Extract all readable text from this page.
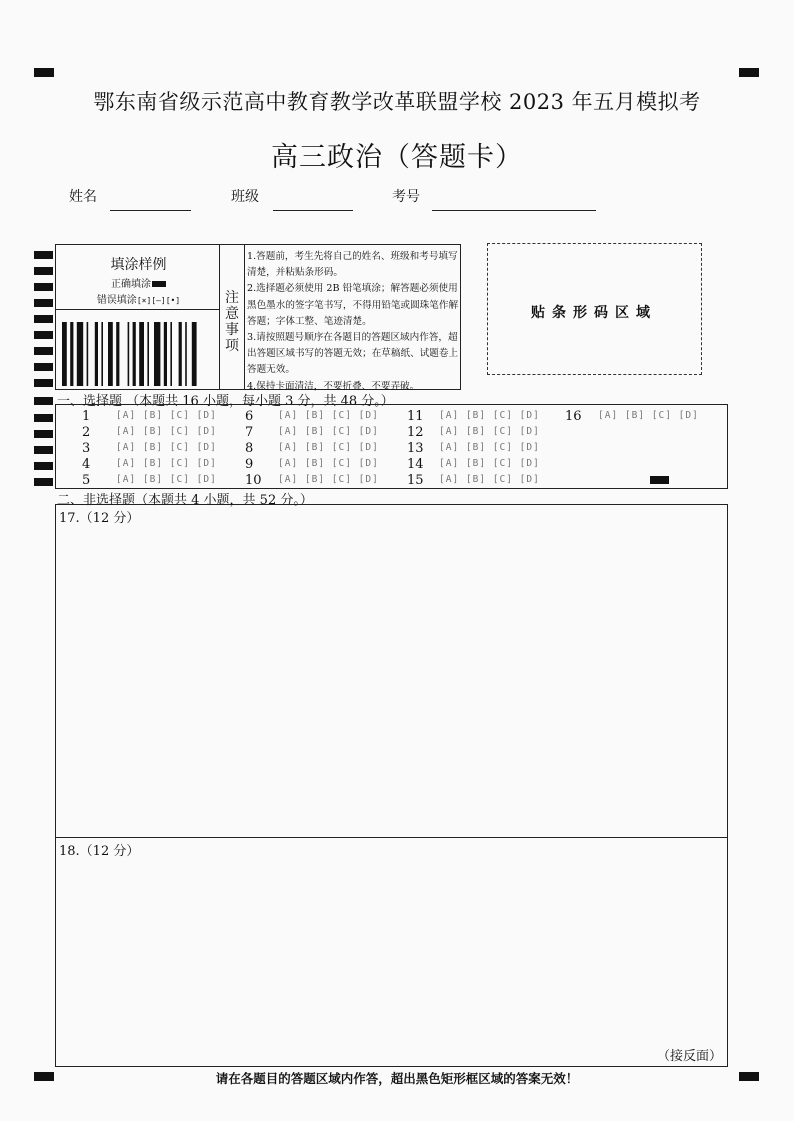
鄂东南省级示范高中教育教学改革联盟学校 2023 年五月模拟考
高三政治（答题卡）
姓名	班级	考号
填涂样例
正确填涂
错误填涂[×][—][•]	注
意
事
项

1.答题前，考生先将自己的姓名、班级和考号填写清楚，并粘贴条形码。

2.选择题必须使用 2B 铅笔填涂；解答题必须使用黑色墨水的签字笔书写，不得用铅笔或圆珠笔作解答题；字体工整、笔迹清楚。

3.请按照题号顺序在各题目的答题区域内作答，超出答题区域书写的答题无效；在草稿纸、试题卷上答题无效。

4.保持卡面清洁，不要折叠、不要弄破。

贴条形码区域
一、选择题 （本题共 16 小题，每小题 3 分，共 48 分。）
1	[A] [B] [C] [D]
2	[A] [B] [C] [D]
3	[A] [B] [C] [D]
4	[A] [B] [C] [D]
5	[A] [B] [C] [D]
6	[A] [B] [C] [D]
7	[A] [B] [C] [D]
8	[A] [B] [C] [D]
9	[A] [B] [C] [D]
10 [A] [B] [C] [D]
11 [A] [B] [C] [D]
12 [A] [B] [C] [D]
13 [A] [B] [C] [D]
14 [A] [B] [C] [D]
15 [A] [B] [C] [D]
16 [A] [B] [C] [D]
二、非选择题（本题共 4 小题，共 52 分。）
17.（12 分）
18.（12 分）
（接反面）
请在各题目的答题区域内作答，超出黑色矩形框区域的答案无效！
